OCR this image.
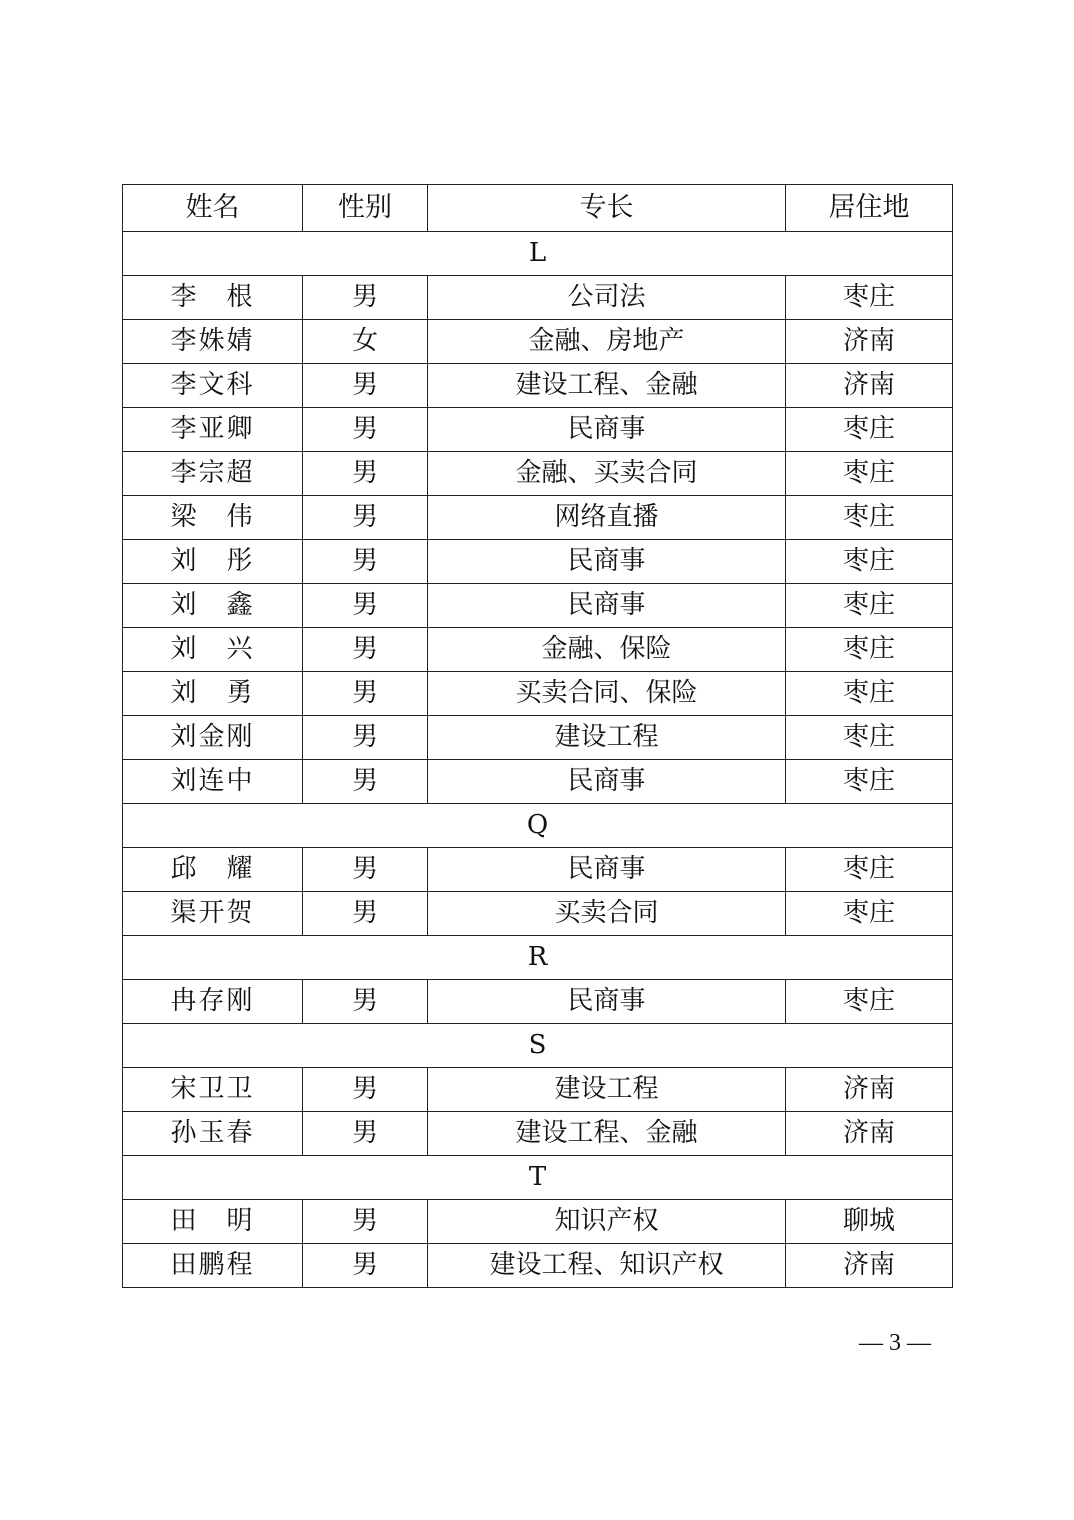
姓名	性别	专长	居住地
L			
李　根	男	公司法	枣庄
李姝婧	女	金融、房地产	济南
李文科	男	建设工程、金融	济南
李亚卿	男	民商事	枣庄
李宗超	男	金融、买卖合同	枣庄
梁　伟	男	网络直播	枣庄
刘　彤	男	民商事	枣庄
刘　鑫	男	民商事	枣庄
刘　兴	男	金融、保险	枣庄
刘　勇	男	买卖合同、保险	枣庄
刘金刚	男	建设工程	枣庄
刘连中	男	民商事	枣庄
Q			
邱　耀	男	民商事	枣庄
渠开贺	男	买卖合同	枣庄
R			
冉存刚	男	民商事	枣庄
S			
宋卫卫	男	建设工程	济南
孙玉春	男	建设工程、金融	济南
T			
田　明	男	知识产权	聊城
田鹏程	男	建设工程、知识产权	济南
— 3 —
